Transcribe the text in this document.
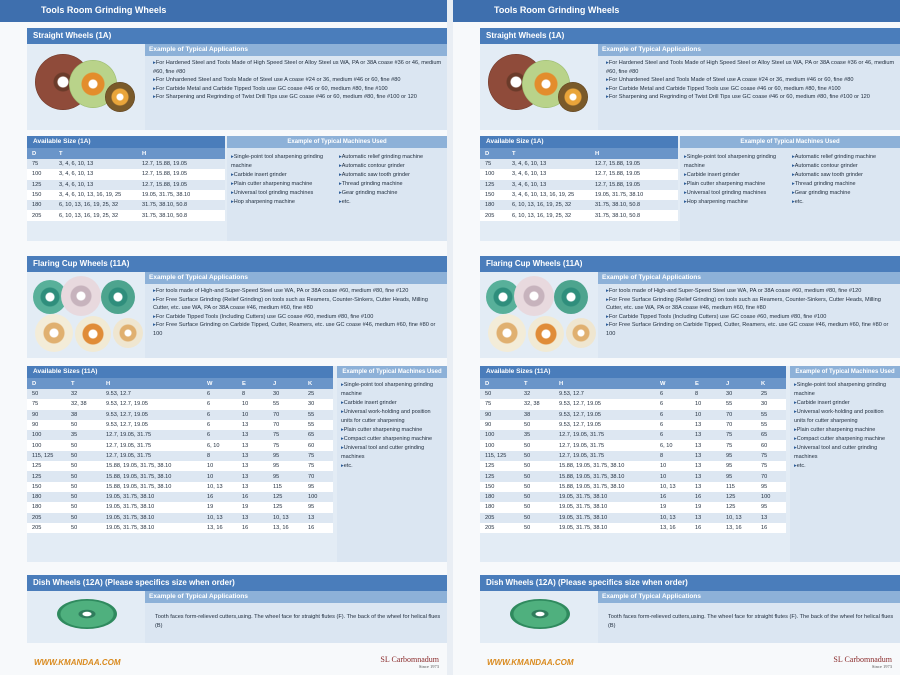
Tools Room Grinding Wheels
Straight Wheels (1A)
Example of Typical Applications
▸ For Hardened Steel and Tools Made of High Speed Steel or Alloy Steel us WA, PA or 38A coase #36 or 46, medium #60, fine #80
▸ For Unhardened Steel and Tools Made of Steel use A coase #24 or 36, medium #46 or 60, fine #80
▸ For Carbide Metal and Carbide Tipped Tools use GC coase #46 or 60, medium #80, fine #100
▸ For Sharpening and Regrinding of Twist Drill Tips use GC coase #46 or 60, medium #80, fine #100 or 120
Available Size (1A)
D	T	H
75	3, 4, 6, 10, 13	12.7, 15.88, 19.05
100	3, 4, 6, 10, 13	12.7, 15.88, 19.05
125	3, 4, 6, 10, 13	12.7, 15.88, 19.05
150	3, 4, 6, 10, 13, 16, 19, 25	19.05, 31.75, 38.10
180	6, 10, 13, 16, 19, 25, 32	31.75, 38.10, 50.8
205	6, 10, 13, 16, 19, 25, 32	31.75, 38.10, 50.8
Example of Typical Machines Used
▸ Single-point tool sharpening grinding machine
▸ Carbide insert grinder
▸ Plain cutter sharpening machine
▸ Universal tool grinding machines
▸ Hop sharpening machine
▸ Automatic relief grinding machine
▸ Automatic contour grinder
▸ Automatic saw tooth grinder
▸ Thread grinding machine
▸ Gear grinding machine
▸ etc.
Flaring Cup Wheels (11A)
Example of Typical Applications
▸ For tools made of High-and Super-Speed Steel use WA, PA or 38A coase #60, medium #80, fine #120
▸ For Free Surface Grinding (Relief Grinding) on tools such as Reamers, Counter-Sinkers, Cutter Heads, Milling Cutter, etc. use WA, PA or 38A coase #46, medium #60, fine #80
▸ For Carbide Tipped Tools (Including Cutters) use GC coase #60, medium #80, fine #100
▸ For Free Surface Grinding on Carbide Tipped, Cutter, Reamers, etc. use GC coase #46, medium #60, fine #80 or 100
Available Sizes (11A)
D	T	H	W	E	J	K
50	32	9.53, 12.7	6	8	30	25
75	32, 38	9.53, 12.7, 19.05	6	10	55	30
90	38	9.53, 12.7, 19.05	6	10	70	55
90	50	9.53, 12.7, 19.05	6	13	70	55
100	35	12.7, 19.05, 31.75	6	13	75	65
100	50	12.7, 19.05, 31.75	6, 10	13	75	60
115, 125	50	12.7, 19.05, 31.75	8	13	95	75
125	50	15.88, 19.05, 31.75, 38.10	10	13	95	75
125	50	15.88, 19.05, 31.75, 38.10	10	13	95	70
150	50	15.88, 19.05, 31.75, 38.10	10, 13	13	115	95
180	50	19.05, 31.75, 38.10	16	16	125	100
180	50	19.05, 31.75, 38.10	19	19	125	95
205	50	19.05, 31.75, 38.10	10, 13	13	10, 13	13
205	50	19.05, 31.75, 38.10	13, 16	16	13, 16	16
Example of Typical Machines Used
▸ Single-point tool sharpening grinding machine
▸ Carbide insert grinder
▸ Universal work-holding and position units for cutter sharpening
▸ Plain cutter sharpening machine
▸ Compact cutter sharpening machine
▸ Universal tool and cutter grinding machines
▸ etc.
Dish Wheels (12A) (Please specifics size when order)
Example of Typical Applications
Tooth faces form-relieved cutters,using. The wheel face for straight flutes (F). The back of the wheel for helical flues (B)
WWW.KMANDAA.COM	SL Carbomnadum
Since 1973
Tools Room Grinding Wheels
Straight Wheels (1A)
Example of Typical Applications
▸ For Hardened Steel and Tools Made of High Speed Steel or Alloy Steel us WA, PA or 38A coase #36 or 46, medium #60, fine #80
▸ For Unhardened Steel and Tools Made of Steel use A coase #24 or 36, medium #46 or 60, fine #80
▸ For Carbide Metal and Carbide Tipped Tools use GC coase #46 or 60, medium #80, fine #100
▸ For Sharpening and Regrinding of Twist Drill Tips use GC coase #46 or 60, medium #80, fine #100 or 120
Available Size (1A)
D	T	H
75	3, 4, 6, 10, 13	12.7, 15.88, 19.05
100	3, 4, 6, 10, 13	12.7, 15.88, 19.05
125	3, 4, 6, 10, 13	12.7, 15.88, 19.05
150	3, 4, 6, 10, 13, 16, 19, 25	19.05, 31.75, 38.10
180	6, 10, 13, 16, 19, 25, 32	31.75, 38.10, 50.8
205	6, 10, 13, 16, 19, 25, 32	31.75, 38.10, 50.8
Example of Typical Machines Used
▸ Single-point tool sharpening grinding machine
▸ Carbide insert grinder
▸ Plain cutter sharpening machine
▸ Universal tool grinding machines
▸ Hop sharpening machine
▸ Automatic relief grinding machine
▸ Automatic contour grinder
▸ Automatic saw tooth grinder
▸ Thread grinding machine
▸ Gear grinding machine
▸ etc.
Flaring Cup Wheels (11A)
Example of Typical Applications
▸ For tools made of High-and Super-Speed Steel use WA, PA or 38A coase #60, medium #80, fine #120
▸ For Free Surface Grinding (Relief Grinding) on tools such as Reamers, Counter-Sinkers, Cutter Heads, Milling Cutter, etc. use WA, PA or 38A coase #46, medium #60, fine #80
▸ For Carbide Tipped Tools (Including Cutters) use GC coase #60, medium #80, fine #100
▸ For Free Surface Grinding on Carbide Tipped, Cutter, Reamers, etc. use GC coase #46, medium #60, fine #80 or 100
Available Sizes (11A)
D	T	H	W	E	J	K
50	32	9.53, 12.7	6	8	30	25
75	32, 38	9.53, 12.7, 19.05	6	10	55	30
90	38	9.53, 12.7, 19.05	6	10	70	55
90	50	9.53, 12.7, 19.05	6	13	70	55
100	35	12.7, 19.05, 31.75	6	13	75	65
100	50	12.7, 19.05, 31.75	6, 10	13	75	60
115, 125	50	12.7, 19.05, 31.75	8	13	95	75
125	50	15.88, 19.05, 31.75, 38.10	10	13	95	75
125	50	15.88, 19.05, 31.75, 38.10	10	13	95	70
150	50	15.88, 19.05, 31.75, 38.10	10, 13	13	115	95
180	50	19.05, 31.75, 38.10	16	16	125	100
180	50	19.05, 31.75, 38.10	19	19	125	95
205	50	19.05, 31.75, 38.10	10, 13	13	10, 13	13
205	50	19.05, 31.75, 38.10	13, 16	16	13, 16	16
Example of Typical Machines Used
▸ Single-point tool sharpening grinding machine
▸ Carbide insert grinder
▸ Universal work-holding and position units for cutter sharpening
▸ Plain cutter sharpening machine
▸ Compact cutter sharpening machine
▸ Universal tool and cutter grinding machines
▸ etc.
Dish Wheels (12A) (Please specifics size when order)
Example of Typical Applications
Tooth faces form-relieved cutters,using. The wheel face for straight flutes (F). The back of the wheel for helical flues (B)
WWW.KMANDAA.COM	SL Carbomnadum
Since 1973
